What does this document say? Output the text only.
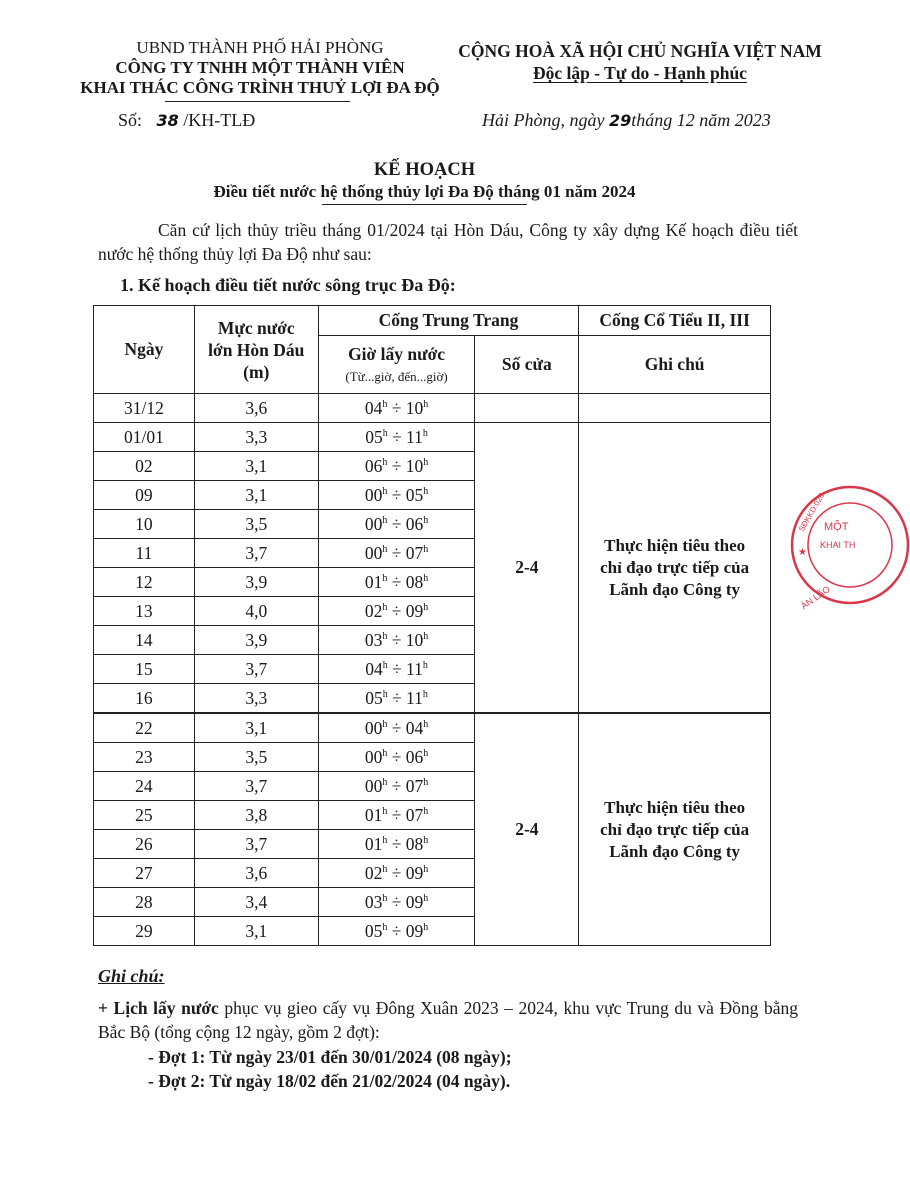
UBND THÀNH PHỐ HẢI PHÒNG
CÔNG TY TNHH MỘT THÀNH VIÊN
KHAI THÁC CÔNG TRÌNH THUỶ LỢI ĐA ĐỘ
CỘNG HOÀ XÃ HỘI CHỦ NGHĨA VIỆT NAM
Độc lập - Tự do - Hạnh phúc
Số: 38 /KH-TLĐ	Hải Phòng, ngày 29tháng 12 năm 2023
KẾ HOẠCH
Điều tiết nước hệ thống thủy lợi Đa Độ tháng 01 năm 2024
Căn cứ lịch thủy triều tháng 01/2024 tại Hòn Dáu, Công ty xây dựng Kế hoạch điều tiết nước hệ thống thủy lợi Đa Độ như sau:
1. Kế hoạch điều tiết nước sông trục Đa Độ:
Ngày	Mực nước
lớn Hòn Dáu
(m)	Cống Trung Trang		Cống Cổ Tiểu II, III

		Giờ lấy nước
(Từ...giờ, đến...giờ)	Số cửa	Ghi chú
31/12	3,6	$04^h \div 10^h$		
01/01	3,3	$05^h \div 11^h$	2-4	Thực hiện tiêu theo
chỉ đạo trực tiếp của
Lãnh đạo Công ty

02	3,1	$06^h \div 10^h$
09	3,1	$00^h \div 05^h$
10	3,5	$00^h \div 06^h$
11	3,7	$00^h \div 07^h$
12	3,9	$01^h \div 08^h$
13	4,0	$02^h \div 09^h$
14	3,9	$03^h \div 10^h$
15	3,7	$04^h \div 11^h$
16	3,3	$05^h \div 11^h$
22	3,1	$00^h \div 04^h$	2-4	Thực hiện tiêu theo
chỉ đạo trực tiếp của
Lãnh đạo Công ty

23	3,5	$00^h \div 06^h$
24	3,7	$00^h \div 07^h$
25	3,8	$01^h \div 07^h$
26	3,7	$01^h \div 08^h$
27	3,6	$02^h \div 09^h$
28	3,4	$03^h \div 09^h$
29	3,1	$05^h \div 09^h$
MỘT
KHAI TH
ÀN LÃO
SĐKKD:020
★
Ghi chú:
+ Lịch lấy nước phục vụ gieo cấy vụ Đông Xuân 2023 – 2024, khu vực Trung du và Đồng bằng Bắc Bộ (tổng cộng 12 ngày, gồm 2 đợt):
- Đợt 1: Từ ngày 23/01 đến 30/01/2024 (08 ngày);
- Đợt 2: Từ ngày 18/02 đến 21/02/2024 (04 ngày).
